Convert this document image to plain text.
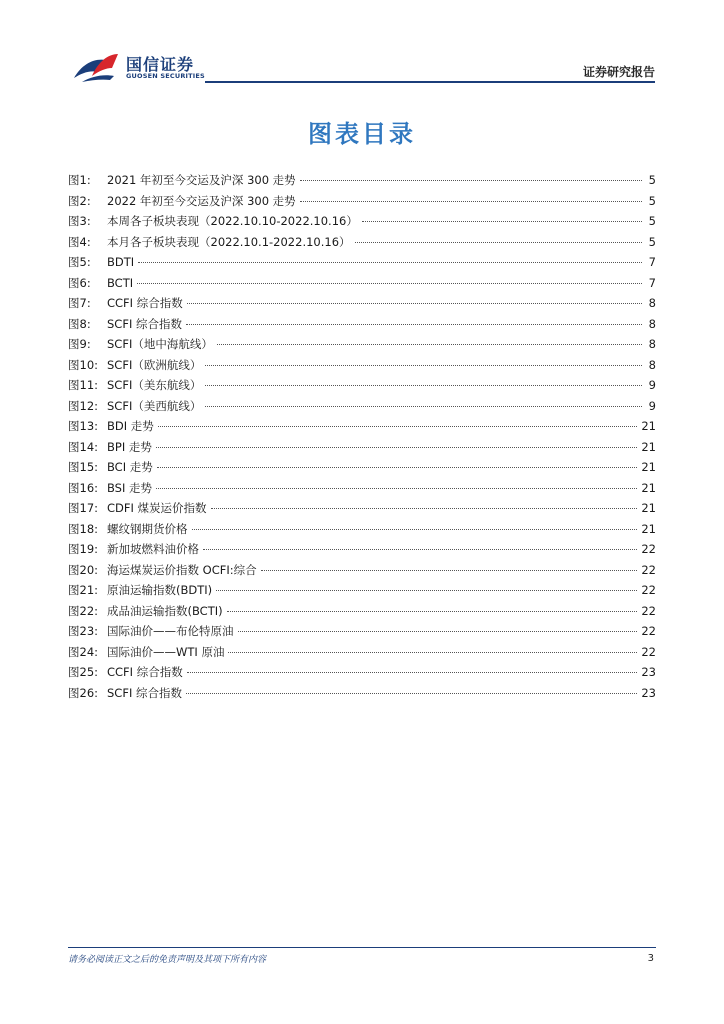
国信证券
GUOSEN SECURITIES	证券研究报告
图表目录
图1:	2021 年初至今交运及沪深 300 走势	5
图2:	2022 年初至今交运及沪深 300 走势	5
图3:	本周各子板块表现（2022.10.10-2022.10.16）	5
图4:	本月各子板块表现（2022.10.1-2022.10.16）	5
图5:	BDTI	7
图6:	BCTI	7
图7:	CCFI 综合指数	8
图8:	SCFI 综合指数	8
图9:	SCFI（地中海航线）	8
图10: SCFI（欧洲航线）	8
图11: SCFI（美东航线）	9
图12: SCFI（美西航线）	9
图13: BDI 走势	21
图14: BPI 走势	21
图15: BCI 走势	21
图16: BSI 走势	21
图17: CDFI 煤炭运价指数	21
图18: 螺纹钢期货价格	21
图19: 新加坡燃料油价格	22
图20: 海运煤炭运价指数 OCFI:综合	22
图21: 原油运输指数(BDTI)	22
图22: 成品油运输指数(BCTI)	22
图23: 国际油价——布伦特原油	22
图24: 国际油价——WTI 原油	22
图25: CCFI 综合指数	23
图26: SCFI 综合指数	23
请务必阅读正文之后的免责声明及其项下所有内容	3
